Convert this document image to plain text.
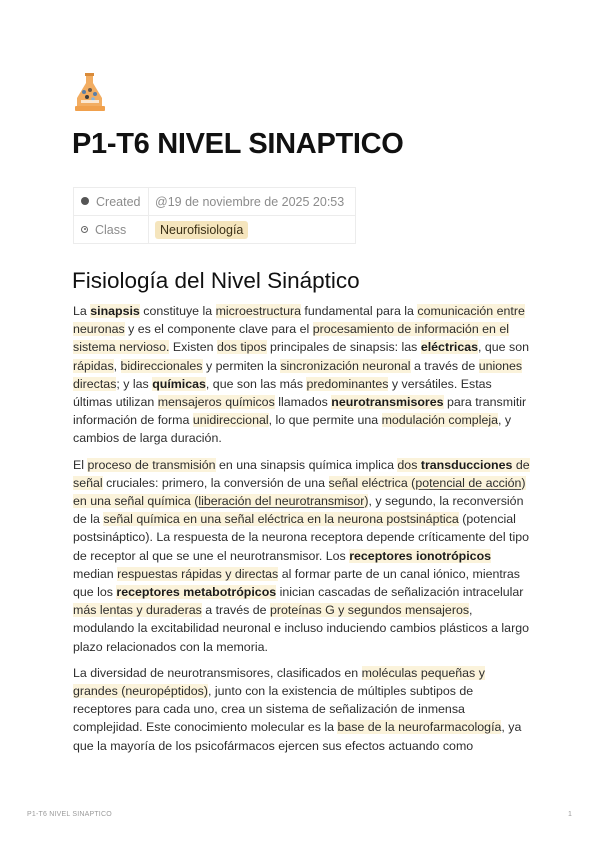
P1-T6 NIVEL SINAPTICO
Created	@19 de noviembre de 2025 20:53
Class	Neurofisiología
Fisiología del Nivel Sináptico

La sinapsis constituye la microestructura fundamental para la comunicación entre neuronas y es el componente clave para el procesamiento de información en el sistema nervioso. Existen dos tipos principales de sinapsis: las eléctricas, que son rápidas, bidireccionales y permiten la sincronización neuronal a través de uniones directas; y las químicas, que son las más predominantes y versátiles. Estas últimas utilizan mensajeros químicos llamados neurotransmisores para transmitir información de forma unidireccional, lo que permite una modulación compleja, y cambios de larga duración.

El proceso de transmisión en una sinapsis química implica dos transducciones de señal cruciales: primero, la conversión de una señal eléctrica (potencial de acción) en una señal química (liberación del neurotransmisor), y segundo, la reconversión de la señal química en una señal eléctrica en la neurona postsináptica (potencial postsináptico). La respuesta de la neurona receptora depende críticamente del tipo de receptor al que se une el neurotransmisor. Los receptores ionotrópicos median respuestas rápidas y directas al formar parte de un canal iónico, mientras que los receptores metabotrópicos inician cascadas de señalización intracelular más lentas y duraderas a través de proteínas G y segundos mensajeros, modulando la excitabilidad neuronal e incluso induciendo cambios plásticos a largo plazo relacionados con la memoria.

La diversidad de neurotransmisores, clasificados en moléculas pequeñas y grandes (neuropéptidos), junto con la existencia de múltiples subtipos de receptores para cada uno, crea un sistema de señalización de inmensa complejidad. Este conocimiento molecular es la base de la neurofarmacología, ya que la mayoría de los psicofármacos ejercen sus efectos actuando como

P1-T6 NIVEL SINAPTICO	1
